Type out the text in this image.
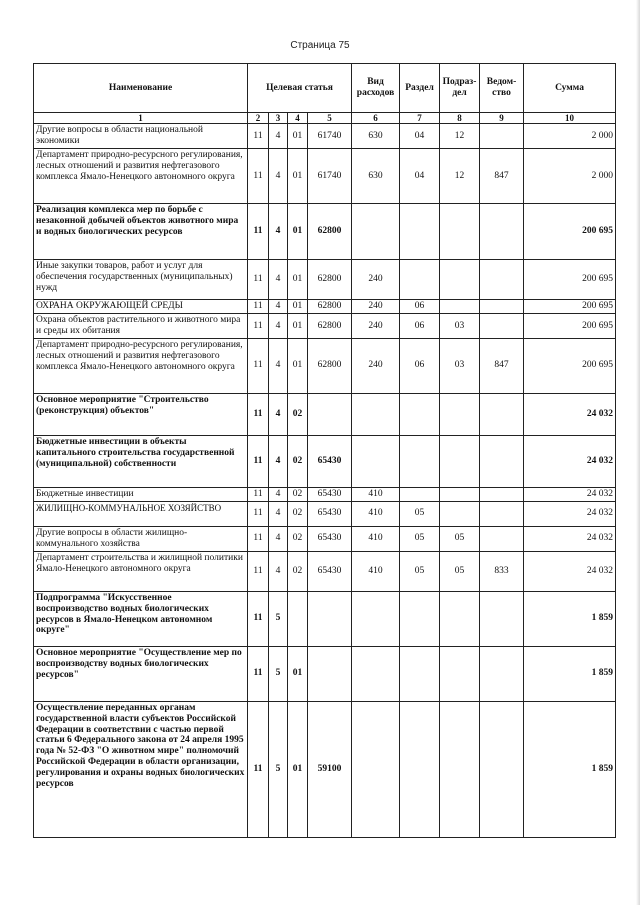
Страница 75
Наименование	Целевая статья				Вид расходов	Раздел	Подраз-дел	Ведом-ство	Сумма
1	2	3	4	5	6	7	8	9	10
Другие вопросы в области национальной экономики	11	4	01	61740	630	04	12		2 000
Департамент природно-ресурсного регулирования, лесных отношений и развития нефтегазового комплекса Ямало-Ненецкого автономного округа	11	4	01	61740	630	04	12	847	2 000
Реализация комплекса мер по борьбе с незаконной добычей объектов животного мира и водных биологических ресурсов	11	4	01	62800					200 695
Иные закупки товаров, работ и услуг для обеспечения государственных (муниципальных) нужд	11	4	01	62800	240				200 695
ОХРАНА ОКРУЖАЮЩЕЙ СРЕДЫ	11	4	01	62800	240	06			200 695
Охрана объектов растительного и животного мира и среды их обитания	11	4	01	62800	240	06	03		200 695
Департамент природно-ресурсного регулирования, лесных отношений и развития нефтегазового комплекса Ямало-Ненецкого автономного округа	11	4	01	62800	240	06	03	847	200 695
Основное мероприятие "Строительство (реконструкция) объектов"	11	4	02						24 032
Бюджетные инвестиции в объекты капитального строительства государственной (муниципальной) собственности	11	4	02	65430					24 032
Бюджетные инвестиции	11	4	02	65430	410				24 032
ЖИЛИЩНО-КОММУНАЛЬНОЕ ХОЗЯЙСТВО	11	4	02	65430	410	05			24 032
Другие вопросы в области жилищно-коммунального хозяйства	11	4	02	65430	410	05	05		24 032
Департамент строительства и жилищной политики Ямало-Ненецкого автономного округа	11	4	02	65430	410	05	05	833	24 032
Подпрограмма "Искусственное воспроизводство водных биологических ресурсов в Ямало-Ненецком автономном округе"	11	5							1 859
Основное мероприятие "Осуществление мер по воспроизводству водных биологических ресурсов"	11	5	01						1 859
Осуществление переданных органам государственной власти субъектов Российской Федерации в соответствии с частью первой статьи 6 Федерального закона от 24 апреля 1995 года № 52-ФЗ "О животном мире" полномочий Российской Федерации в области организации, регулирования и охраны водных биологических ресурсов	11	5	01	59100					1 859
